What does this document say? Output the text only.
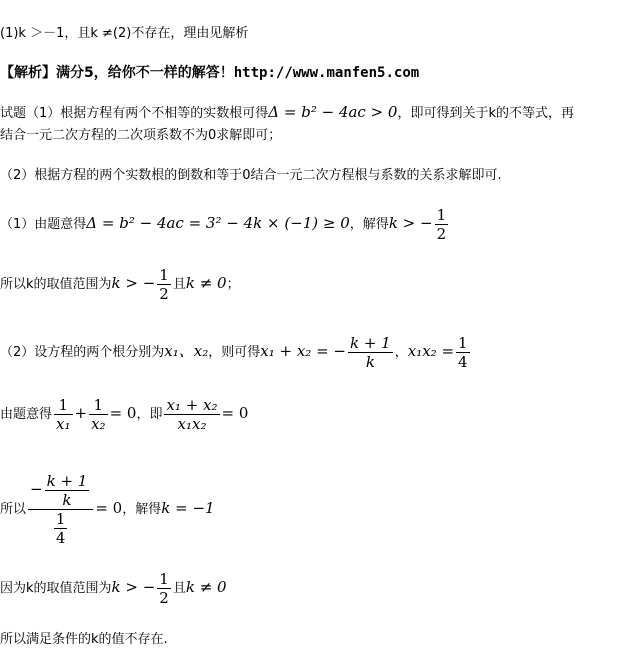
(1)k ＞－1，且k ≠(2)不存在，理由见解析
【解析】满分5，给你不一样的解答！http://www.manfen5.com
试题（1）根据方程有两个不相等的实数根可得Δ = b² − 4ac > 0，即可得到关于k的不等式，再
结合一元二次方程的二次项系数不为0求解即可；
（2）根据方程的两个实数根的倒数和等于0结合一元二次方程根与系数的关系求解即可.
（1）由题意得Δ = b² − 4ac = 3² − 4k × (−1) ≥ 0，解得k > − $\frac{1}{2}$
所以k的取值范围为k > − $\frac{1}{2}$ 且k ≠ 0；
（2）设方程的两个根分别为x₁、x₂，则可得x₁ + x₂ = − $\frac{k + 1}{k}$ ，$x_1x_2 = \frac{1}{4}$
由题意得 $\frac{1}{\text{x₁}} + \frac{1}{\text{x₂}} = 0$，即 $\frac{\text{x₁ + x₂}}{\text{x₁x₂}} = 0$
所以 $\frac{- \frac{k + 1}{k}}{\frac{1}{4}} = 0$，解得k = −1
因为k的取值范围为k > − $\frac{1}{2}$ 且k ≠ 0
所以满足条件的k的值不存在.
